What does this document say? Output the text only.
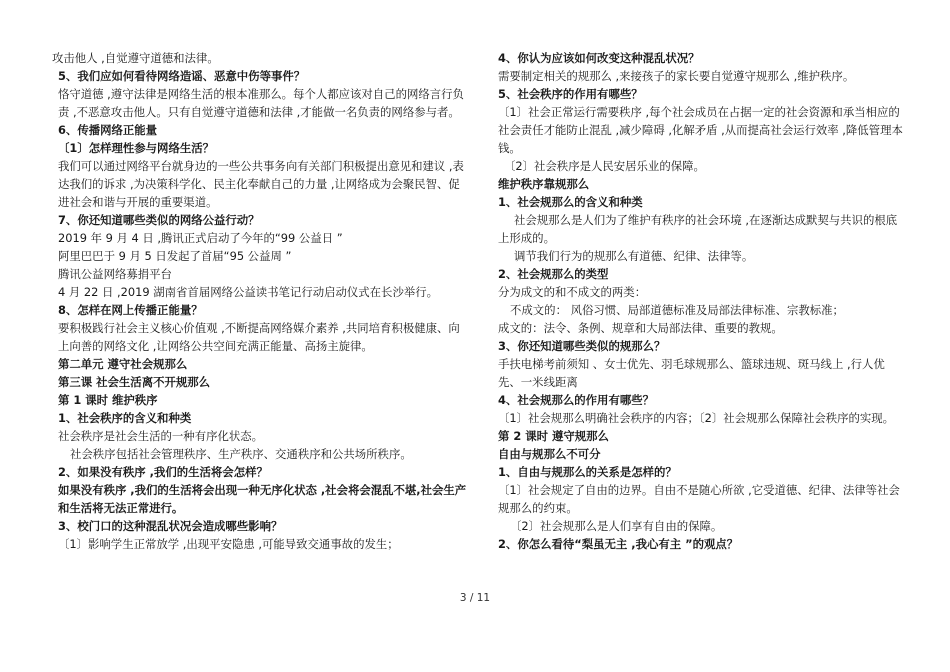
攻击他人 ,自觉遵守道德和法律。
5、我们应如何看待网络造谣、恶意中伤等事件？
恪守道德 ,遵守法律是网络生活的根本准那么。每个人都应该对自己的网络言行负责 ,不恶意攻击他人。只有自觉遵守道德和法律 ,才能做一名负责的网络参与者。
6、传播网络正能量
〔1〕怎样理性参与网络生活？
我们可以通过网络平台就身边的一些公共事务向有关部门积极提出意见和建议 ,表达我们的诉求 ,为决策科学化、民主化奉献自己的力量 ,让网络成为会聚民智、促进社会和谐与开展的重要渠道。
7、你还知道哪些类似的网络公益行动？
2019 年 9 月 4 日 ,腾讯正式启动了今年的“99 公益日 ”
阿里巴巴于 9 月 5 日发起了首届“95 公益周 ”
腾讯公益网络募捐平台
4 月 22 日 ,2019 湖南省首届网络公益读书笔记行动启动仪式在长沙举行。
8、怎样在网上传播正能量？
要积极践行社会主义核心价值观 ,不断提高网络媒介素养 ,共同培育积极健康、向上向善的网络文化 ,让网络公共空间充满正能量、高扬主旋律。
第二单元 遵守社会规那么
第三课 社会生活离不开规那么
第 1 课时 维护秩序
1、社会秩序的含义和种类
社会秩序是社会生活的一种有序化状态。
社会秩序包括社会管理秩序、生产秩序、交通秩序和公共场所秩序。
2、如果没有秩序 ,我们的生活将会怎样？
如果没有秩序 ,我们的生活将会出现一种无序化状态 ,社会将会混乱不堪,社会生产和生活将无法正常进行。
3、校门口的这种混乱状况会造成哪些影响？
〔1〕影响学生正常放学 ,出现平安隐患 ,可能导致交通事故的发生；
4、你认为应该如何改变这种混乱状况？
需要制定相关的规那么 ,来接孩子的家长要自觉遵守规那么 ,维护秩序。
5、社会秩序的作用有哪些？
〔1〕社会正常运行需要秩序 ,每个社会成员在占据一定的社会资源和承当相应的社会责任才能防止混乱 ,减少障碍 ,化解矛盾 ,从而提高社会运行效率 ,降低管理本钱。
〔2〕社会秩序是人民安居乐业的保障。
维护秩序靠规那么
1、社会规那么的含义和种类
社会规那么是人们为了维护有秩序的社会环境 ,在逐渐达成默契与共识的根底上形成的。
调节我们行为的规那么有道德、纪律、法律等。
2、社会规那么的类型
分为成文的和不成文的两类：
不成文的： 风俗习惯、局部道德标准及局部法律标准、宗教标准；
成文的：法令、条例、规章和大局部法律、重要的教规。
3、你还知道哪些类似的规那么？
手扶电梯考前须知 、女士优先、羽毛球规那么、篮球违规、斑马线上 ,行人优先、一米线距离
4、社会规那么的作用有哪些？
〔1〕社会规那么明确社会秩序的内容；〔2〕社会规那么保障社会秩序的实现。
第 2 课时 遵守规那么
自由与规那么不可分
1、自由与规那么的关系是怎样的？
〔1〕社会规定了自由的边界。自由不是随心所欲 ,它受道德、纪律、法律等社会规那么的约束。
〔2〕社会规那么是人们享有自由的保障。
2、你怎么看待“梨虽无主 ,我心有主 ”的观点？
3 / 11
